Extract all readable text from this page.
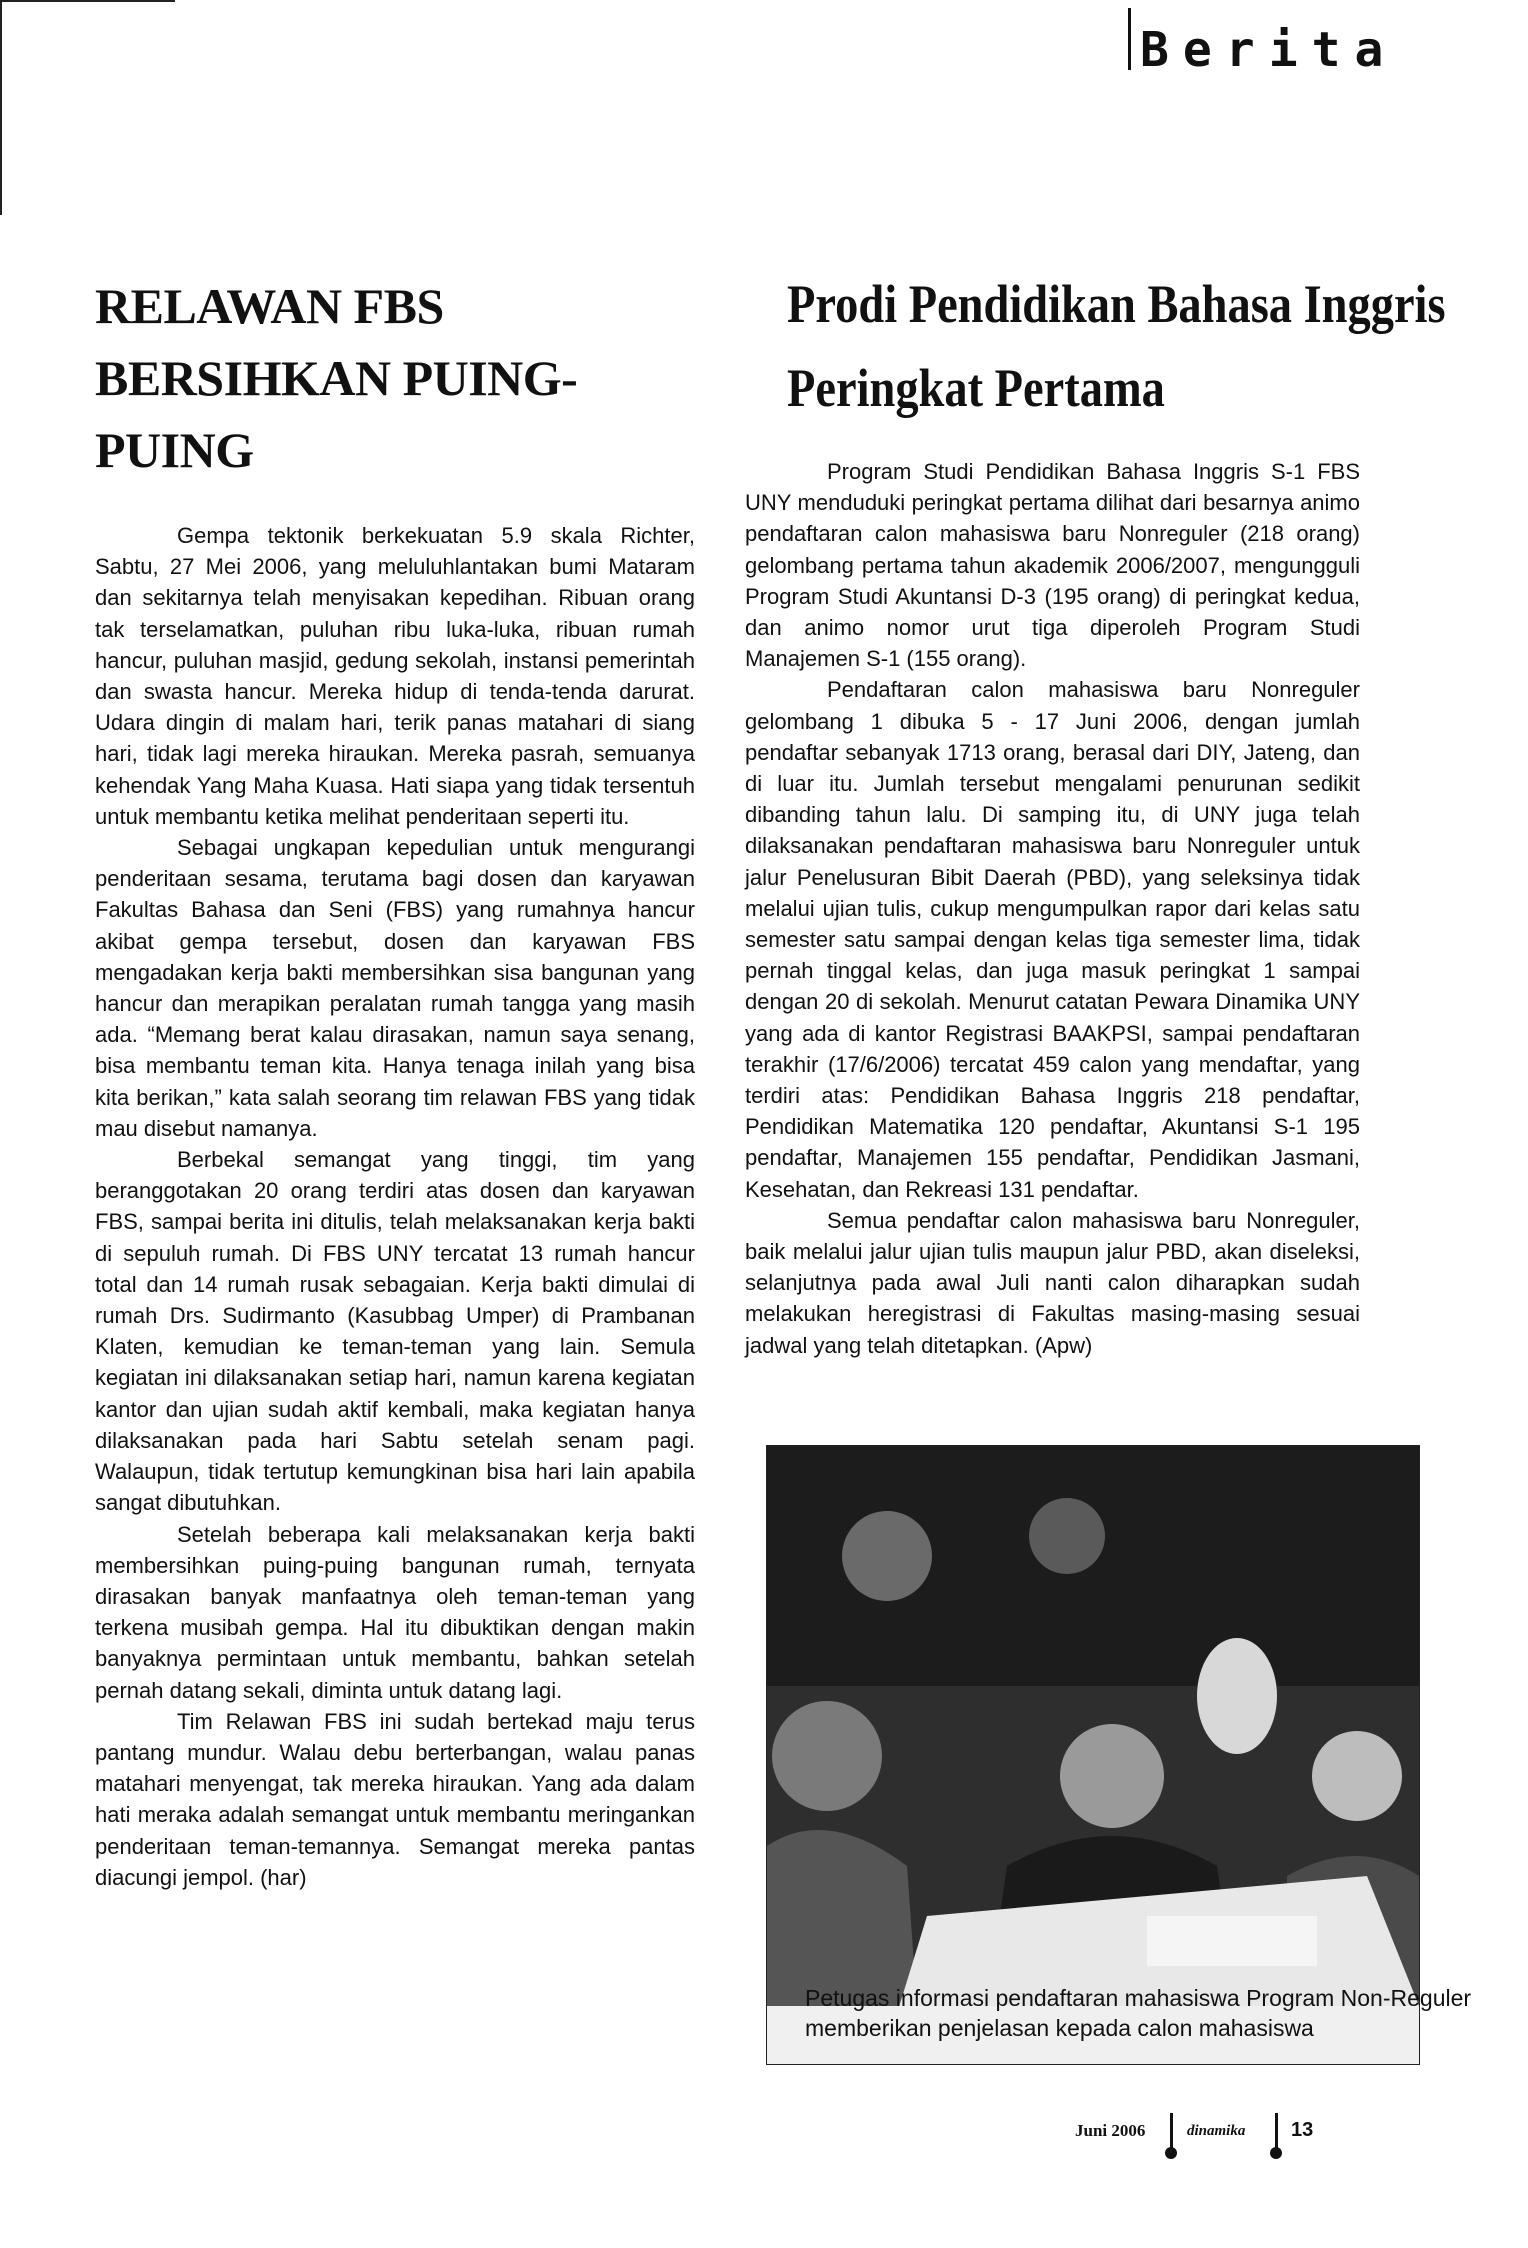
Berita
RELAWAN FBS
BERSIHKAN PUING-PUING

Gempa tektonik berkekuatan 5.9 skala Richter, Sabtu, 27 Mei 2006, yang meluluhlantakan bumi Mataram dan sekitarnya telah menyisakan kepedihan. Ribuan orang tak terselamatkan, puluhan ribu luka-luka, ribuan rumah hancur, puluhan masjid, gedung sekolah, instansi pemerintah dan swasta hancur. Mereka hidup di tenda-tenda darurat. Udara dingin di malam hari, terik panas matahari di siang hari, tidak lagi mereka hiraukan. Mereka pasrah, semuanya kehendak Yang Maha Kuasa. Hati siapa yang tidak tersentuh untuk membantu ketika melihat penderitaan seperti itu.

Sebagai ungkapan kepedulian untuk mengurangi penderitaan sesama, terutama bagi dosen dan karyawan Fakultas Bahasa dan Seni (FBS) yang rumahnya hancur akibat gempa tersebut, dosen dan karyawan FBS mengadakan kerja bakti membersihkan sisa bangunan yang hancur dan merapikan peralatan rumah tangga yang masih ada. “Memang berat kalau dirasakan, namun saya senang, bisa membantu teman kita. Hanya tenaga inilah yang bisa kita berikan,” kata salah seorang tim relawan FBS yang tidak mau disebut namanya.

Berbekal semangat yang tinggi, tim yang beranggotakan 20 orang terdiri atas dosen dan karyawan FBS, sampai berita ini ditulis, telah melaksanakan kerja bakti di sepuluh rumah. Di FBS UNY tercatat 13 rumah hancur total dan 14 rumah rusak sebagaian. Kerja bakti dimulai di rumah Drs. Sudirmanto (Kasubbag Umper) di Prambanan Klaten, kemudian ke teman-teman yang lain. Semula kegiatan ini dilaksanakan setiap hari, namun karena kegiatan kantor dan ujian sudah aktif kembali, maka kegiatan hanya dilaksanakan pada hari Sabtu setelah senam pagi. Walaupun, tidak tertutup kemungkinan bisa hari lain apabila sangat dibutuhkan.

Setelah beberapa kali melaksanakan kerja bakti membersihkan puing-puing bangunan rumah, ternyata dirasakan banyak manfaatnya oleh teman-teman yang terkena musibah gempa. Hal itu dibuktikan dengan makin banyaknya permintaan untuk membantu, bahkan setelah pernah datang sekali, diminta untuk datang lagi.

Tim Relawan FBS ini sudah bertekad maju terus pantang mundur. Walau debu berterbangan, walau panas matahari menyengat, tak mereka hiraukan. Yang ada dalam hati meraka adalah semangat untuk membantu meringankan penderitaan teman-temannya. Semangat mereka pantas diacungi jempol. (har)

Prodi Pendidikan Bahasa Inggris
Peringkat Pertama

Program Studi Pendidikan Bahasa Inggris S-1 FBS UNY menduduki peringkat pertama dilihat dari besarnya animo pendaftaran calon mahasiswa baru Nonreguler (218 orang) gelombang pertama tahun akademik 2006/2007, mengungguli Program Studi Akuntansi D-3 (195 orang) di peringkat kedua, dan animo nomor urut tiga diperoleh Program Studi Manajemen S-1 (155 orang).

Pendaftaran calon mahasiswa baru Nonreguler gelombang 1 dibuka 5 - 17 Juni 2006, dengan jumlah pendaftar sebanyak 1713 orang, berasal dari DIY, Jateng, dan di luar itu. Jumlah tersebut mengalami penurunan sedikit dibanding tahun lalu. Di samping itu, di UNY juga telah dilaksanakan pendaftaran mahasiswa baru Nonreguler untuk jalur Penelusuran Bibit Daerah (PBD), yang seleksinya tidak melalui ujian tulis, cukup mengumpulkan rapor dari kelas satu semester satu sampai dengan kelas tiga semester lima, tidak pernah tinggal kelas, dan juga masuk peringkat 1 sampai dengan 20 di sekolah. Menurut catatan Pewara Dinamika UNY yang ada di kantor Registrasi BAAKPSI, sampai pendaftaran terakhir (17/6/2006) tercatat 459 calon yang mendaftar, yang terdiri atas: Pendidikan Bahasa Inggris 218 pendaftar, Pendidikan Matematika 120 pendaftar, Akuntansi S-1 195 pendaftar, Manajemen 155 pendaftar, Pendidikan Jasmani, Kesehatan, dan Rekreasi 131 pendaftar.

Semua pendaftar calon mahasiswa baru Nonreguler, baik melalui jalur ujian tulis maupun jalur PBD, akan diseleksi, selanjutnya pada awal Juli nanti calon diharapkan sudah melakukan heregistrasi di Fakultas masing-masing sesuai jadwal yang telah ditetapkan. (Apw)

Petugas informasi pendaftaran mahasiswa Program Non-Reguler
memberikan penjelasan kepada calon mahasiswa
Juni 2006	dinamika 13
